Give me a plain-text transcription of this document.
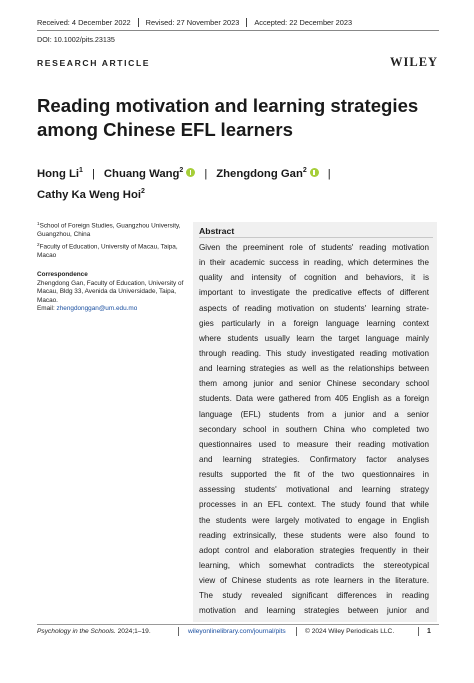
Received: 4 December 2022 Revised: 27 November 2023 Accepted: 22 December 2023
DOI: 10.1002/pits.23135
RESEARCH ARTICLE	WILEY
Reading motivation and learning strategies among Chinese EFL learners
Hong Li$^1$ | Chuang Wang$^2$ | Zhengdong Gan$^2$ |
Cathy Ka Weng Hoi$^2$
$^1$School of Foreign Studies, Guangzhou University, Guangzhou, China
$^2$Faculty of Education, University of Macau, Taipa, Macao
Correspondence
Zhengdong Gan, Faculty of Education, University of Macau, Bldg 33, Avenida da Universidade, Taipa, Macao.
Email: zhengdonggan@um.edu.mo
Abstract
Given the preeminent role of students' reading motivation
in their academic success in reading, which determines the
quality and intensity of cognition and behaviors, it is
important to investigate the predicative effects of different
aspects of reading motivation on students' learning strate-
gies particularly in a foreign language learning context
where students usually learn the target language mainly
through reading. This study investigated reading motivation
and learning strategies as well as the relationships between
them among junior and senior Chinese secondary school
students. Data were gathered from 405 English as a foreign
language (EFL) students from a junior and a senior
secondary school in southern China who completed two
questionnaires used to measure their reading motivation
and learning strategies. Confirmatory factor analyses
results supported the fit of the two questionnaires in
assessing students' motivational and learning strategy
processes in an EFL context. The study found that while
the students were largely motivated to engage in English
reading extrinsically, these students were also found to
adopt control and elaboration strategies frequently in their
learning, which somewhat contradicts the stereotypical
view of Chinese students as rote learners in the literature.
The study revealed significant differences in reading
motivation and learning strategies between junior and
Psychology in the Schools. 2024;1–19.	wileyonlinelibrary.com/journal/pits	© 2024 Wiley Periodicals LLC.	1
